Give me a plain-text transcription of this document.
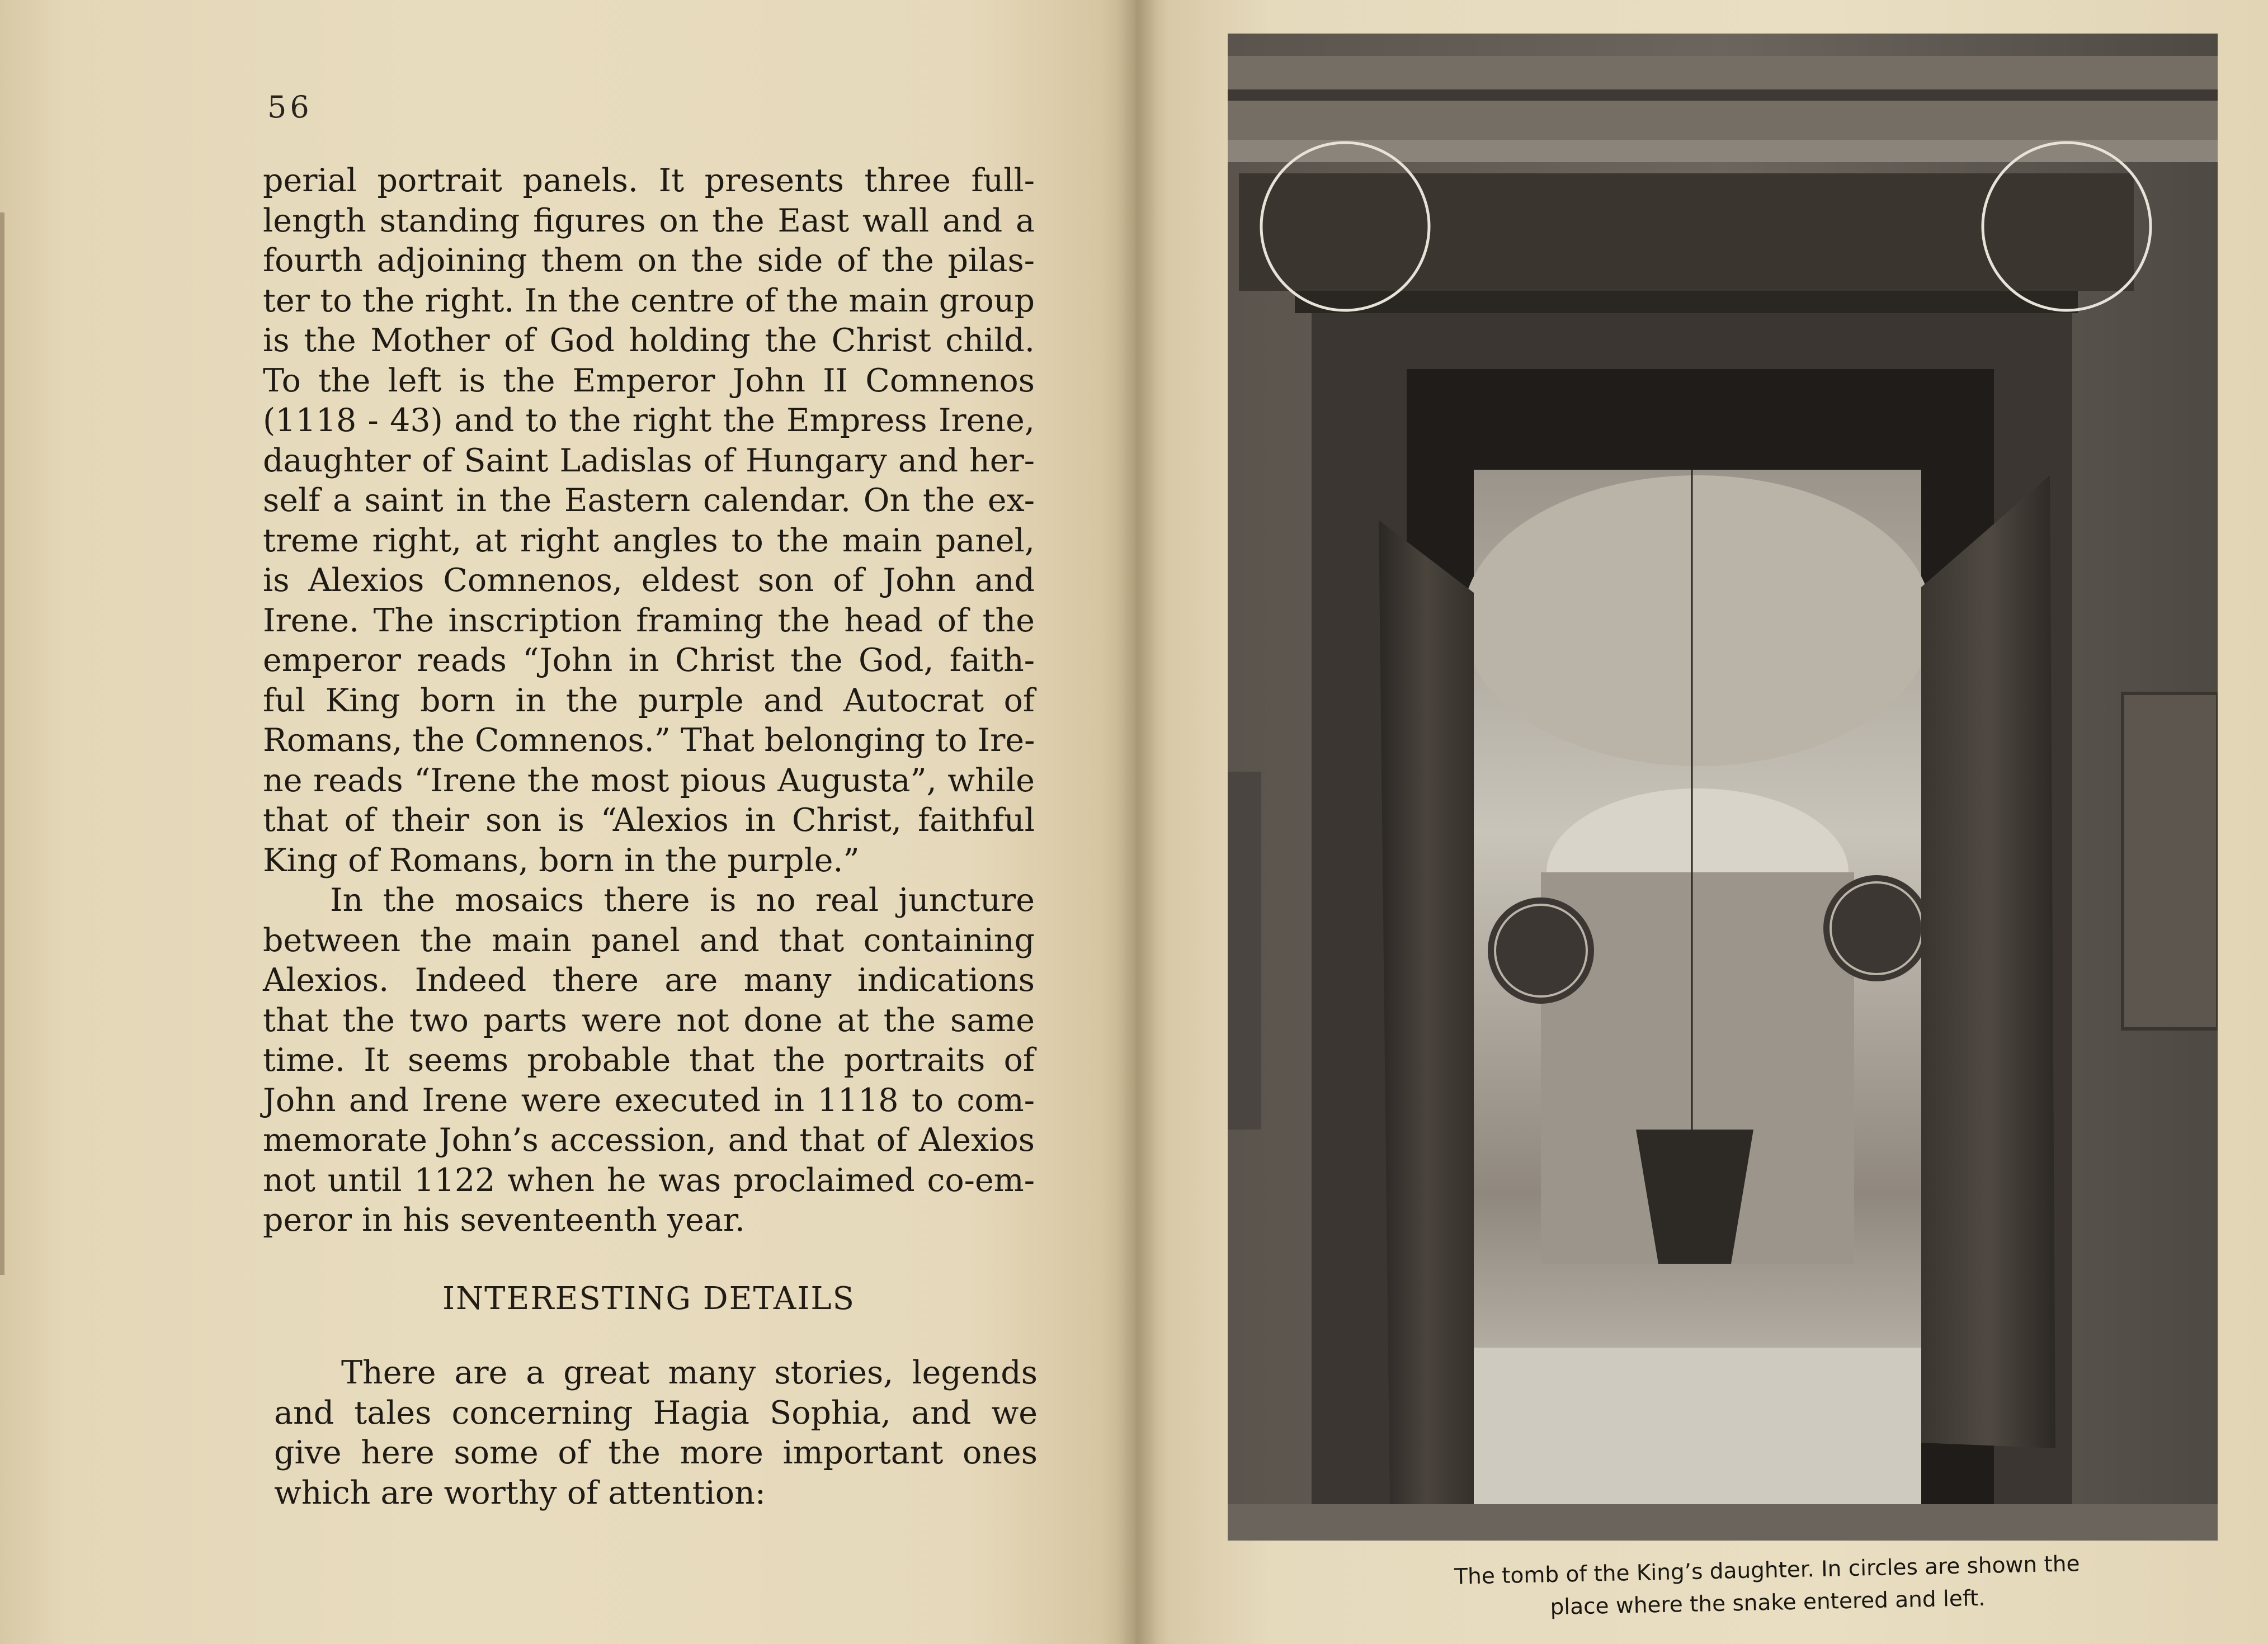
56
perial portrait panels. It presents three full-
length standing figures on the East wall and a
fourth adjoining them on the side of the pilas-
ter to the right. In the centre of the main group
is the Mother of God holding the Christ child.
To the left is the Emperor John II Comnenos
(1118 - 43) and to the right the Empress Irene,
daughter of Saint Ladislas of Hungary and her-
self a saint in the Eastern calendar. On the ex-
treme right, at right angles to the main panel,
is Alexios Comnenos, eldest son of John and
Irene. The inscription framing the head of the
emperor reads “John in Christ the God, faith-
ful King born in the purple and Autocrat of
Romans, the Comnenos.” That belonging to Ire-
ne reads “Irene the most pious Augusta”, while
that of their son is “Alexios in Christ, faithful
King of Romans, born in the purple.”
In the mosaics there is no real juncture
between the main panel and that containing
Alexios. Indeed there are many indications
that the two parts were not done at the same
time. It seems probable that the portraits of
John and Irene were executed in 1118 to com-
memorate John’s accession, and that of Alexios
not until 1122 when he was proclaimed co-em-
peror in his seventeenth year.
INTERESTING DETAILS
There are a great many stories, legends
and tales concerning Hagia Sophia, and we
give here some of the more important ones
which are worthy of attention:
The tomb of the King’s daughter. In circles are shown the
place where the snake entered and left.
